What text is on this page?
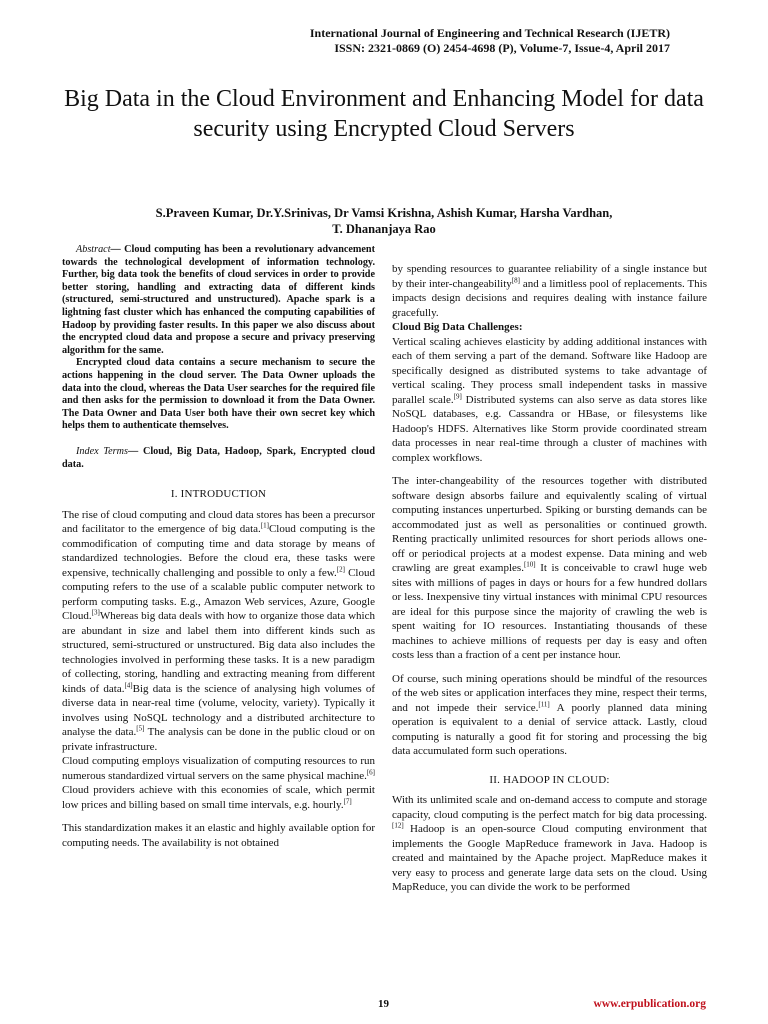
International Journal of Engineering and Technical Research (IJETR)
ISSN: 2321-0869 (O) 2454-4698 (P), Volume-7, Issue-4, April 2017
Big Data in the Cloud Environment and Enhancing Model for data security using Encrypted Cloud Servers
S.Praveen Kumar, Dr.Y.Srinivas, Dr Vamsi Krishna, Ashish Kumar, Harsha Vardhan,
T. Dhananjaya Rao

Abstract— Cloud computing has been a revolutionary advancement towards the technological development of information technology. Further, big data took the benefits of cloud services in order to provide better storing, handling and extracting data of different kinds (structured, semi-structured and unstructured). Apache spark is a lightning fast cluster which has enhanced the computing capabilities of Hadoop by providing faster results. In this paper we also discuss about the encrypted cloud data and propose a secure and privacy preserving algorithm for the same.

Encrypted cloud data contains a secure mechanism to secure the actions happening in the cloud server. The Data Owner uploads the data into the cloud, whereas the Data User searches for the required file and then asks for the permission to download it from the Data Owner. The Data Owner and Data User both have their own secret key which helps them to authenticate themselves.

Index Terms— Cloud, Big Data, Hadoop, Spark, Encrypted cloud data.

I. INTRODUCTION

The rise of cloud computing and cloud data stores has been a precursor and facilitator to the emergence of big data.[1]Cloud computing is the commodification of computing time and data storage by means of standardized technologies. Before the cloud era, these tasks were expensive, technically challenging and possible to only a few.[2] Cloud computing refers to the use of a scalable public computer network to perform computing tasks. E.g., Amazon Web services, Azure, Google Cloud.[3]Whereas big data deals with how to organize those data which are abundant in size and label them into different kinds such as structured, semi-structured or unstructured. Big data also includes the technologies involved in performing these tasks. It is a new paradigm of collecting, storing, handling and extracting meaning from different kinds of data.[4]Big data is the science of analysing high volumes of diverse data in near-real time (volume, velocity, variety). Typically it involves using NoSQL technology and a distributed architecture to analyse the data.[5] The analysis can be done in the public cloud or on private infrastructure.

Cloud computing employs visualization of computing resources to run numerous standardized virtual servers on the same physical machine.[6] Cloud providers achieve with this economies of scale, which permit low prices and billing based on small time intervals, e.g. hourly.[7]

This standardization makes it an elastic and highly available option for computing needs. The availability is not obtained

by spending resources to guarantee reliability of a single instance but by their inter-changeability[8] and a limitless pool of replacements. This impacts design decisions and requires dealing with instance failure gracefully.

Cloud Big Data Challenges:

Vertical scaling achieves elasticity by adding additional instances with each of them serving a part of the demand. Software like Hadoop are specifically designed as distributed systems to take advantage of vertical scaling. They process small independent tasks in massive parallel scale.[9] Distributed systems can also serve as data stores like NoSQL databases, e.g. Cassandra or HBase, or filesystems like Hadoop's HDFS. Alternatives like Storm provide coordinated stream data processes in near real-time through a cluster of machines with complex workflows.

The inter-changeability of the resources together with distributed software design absorbs failure and equivalently scaling of virtual computing instances unperturbed. Spiking or bursting demands can be accommodated just as well as personalities or continued growth. Renting practically unlimited resources for short periods allows one-off or periodical projects at a modest expense. Data mining and web crawling are great examples.[10] It is conceivable to crawl huge web sites with millions of pages in days or hours for a few hundred dollars or less. Inexpensive tiny virtual instances with minimal CPU resources are ideal for this purpose since the majority of crawling the web is spent waiting for IO resources. Instantiating thousands of these machines to achieve millions of requests per day is easy and often costs less than a fraction of a cent per instance hour.

Of course, such mining operations should be mindful of the resources of the web sites or application interfaces they mine, respect their terms, and not impede their service.[11] A poorly planned data mining operation is equivalent to a denial of service attack. Lastly, cloud computing is naturally a good fit for storing and processing the big data accumulated form such operations.

II. HADOOP IN CLOUD:

With its unlimited scale and on-demand access to compute and storage capacity, cloud computing is the perfect match for big data processing.[12] Hadoop is an open-source Cloud computing environment that implements the Google MapReduce framework in Java. Hadoop is created and maintained by the Apache project. MapReduce makes it very easy to process and generate large data sets on the cloud. Using MapReduce, you can divide the work to be performed

19	www.erpublication.org
